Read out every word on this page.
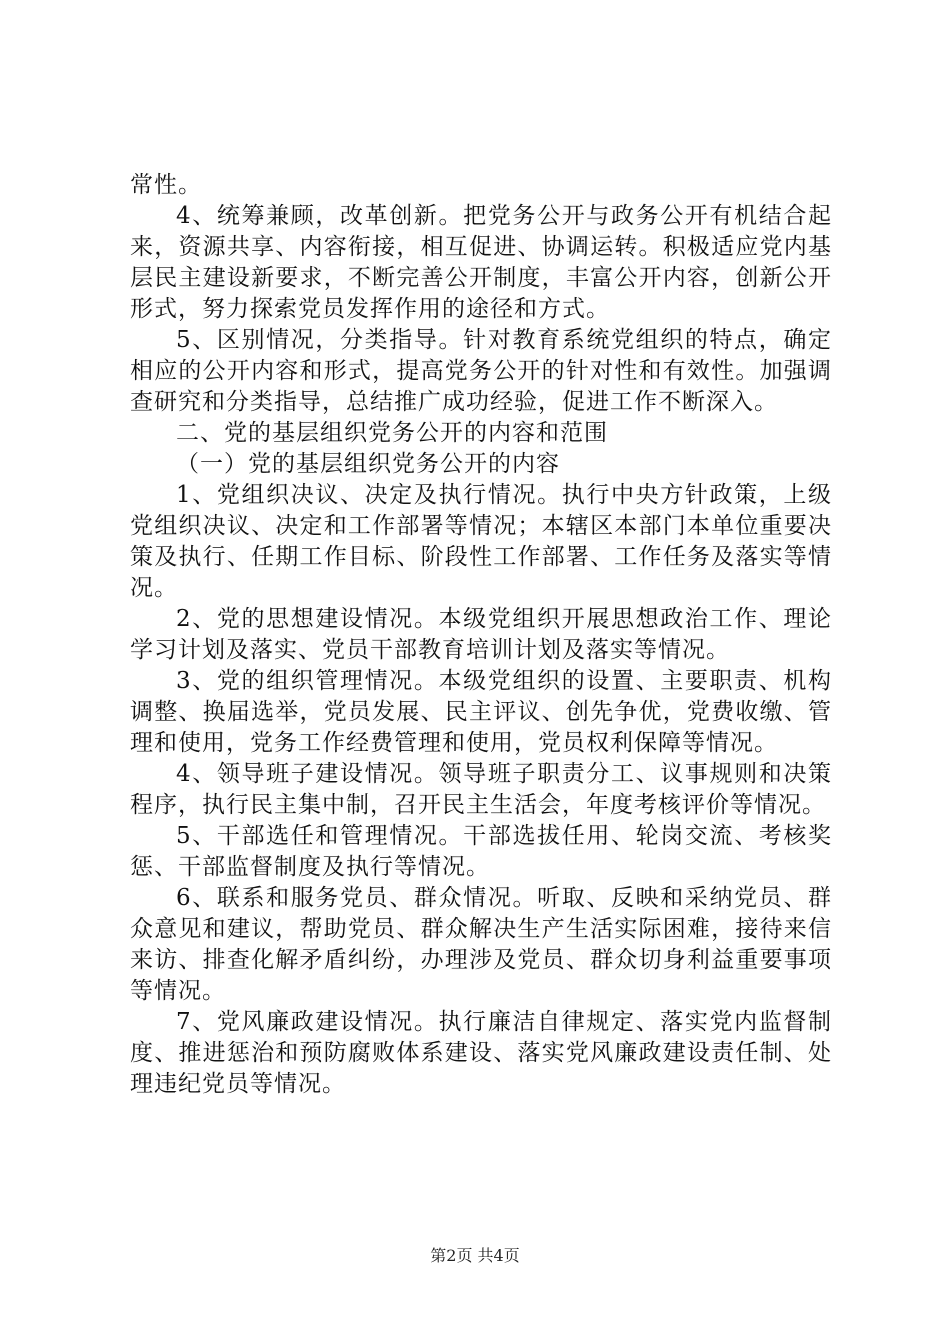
常性。

4、统筹兼顾，改革创新。把党务公开与政务公开有机结合起来，资源共享、内容衔接，相互促进、协调运转。积极适应党内基层民主建设新要求，不断完善公开制度，丰富公开内容，创新公开形式，努力探索党员发挥作用的途径和方式。

5、区别情况，分类指导。针对教育系统党组织的特点，确定相应的公开内容和形式，提高党务公开的针对性和有效性。加强调查研究和分类指导，总结推广成功经验，促进工作不断深入。

二、党的基层组织党务公开的内容和范围

（一）党的基层组织党务公开的内容

1、党组织决议、决定及执行情况。执行中央方针政策，上级党组织决议、决定和工作部署等情况；本辖区本部门本单位重要决策及执行、任期工作目标、阶段性工作部署、工作任务及落实等情况。

2、党的思想建设情况。本级党组织开展思想政治工作、理论学习计划及落实、党员干部教育培训计划及落实等情况。

3、党的组织管理情况。本级党组织的设置、主要职责、机构调整、换届选举，党员发展、民主评议、创先争优，党费收缴、管理和使用，党务工作经费管理和使用，党员权利保障等情况。

4、领导班子建设情况。领导班子职责分工、议事规则和决策程序，执行民主集中制，召开民主生活会，年度考核评价等情况。

5、干部选任和管理情况。干部选拔任用、轮岗交流、考核奖惩、干部监督制度及执行等情况。

6、联系和服务党员、群众情况。听取、反映和采纳党员、群众意见和建议，帮助党员、群众解决生产生活实际困难，接待来信来访、排查化解矛盾纠纷，办理涉及党员、群众切身利益重要事项等情况。

7、党风廉政建设情况。执行廉洁自律规定、落实党内监督制度、推进惩治和预防腐败体系建设、落实党风廉政建设责任制、处理违纪党员等情况。

第2页 共4页
